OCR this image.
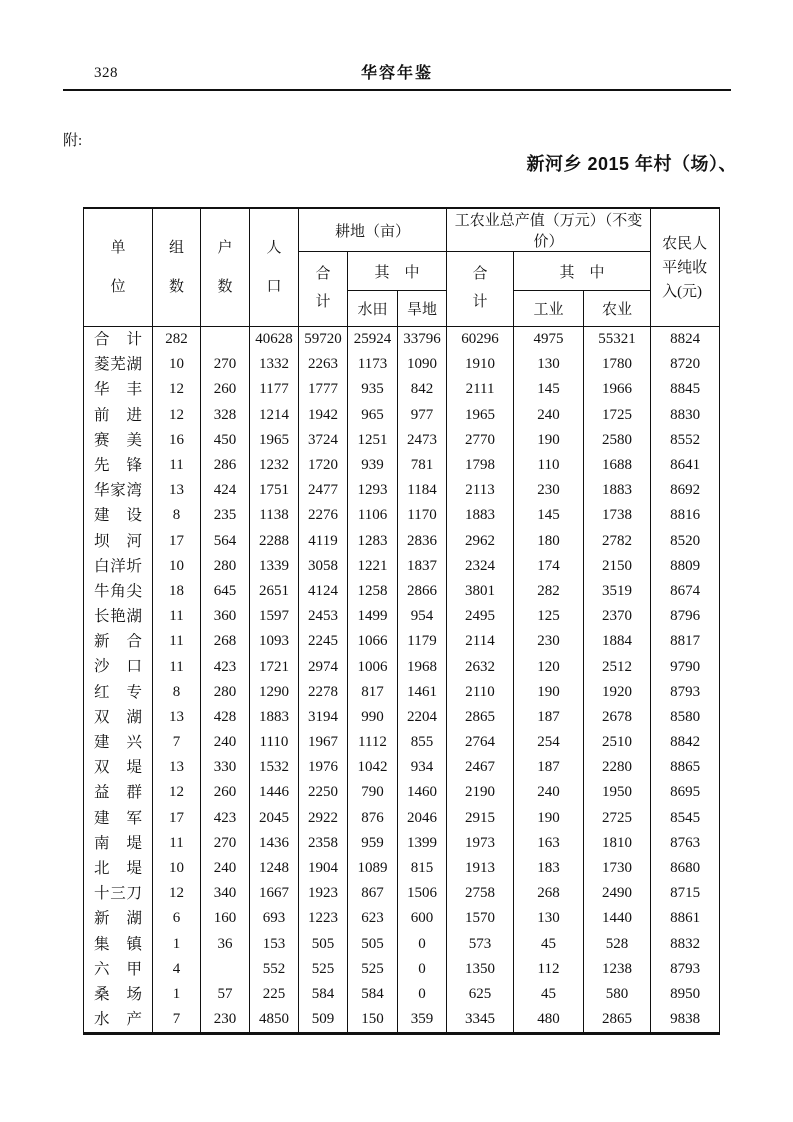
328	华容年鉴
附:
新河乡 2015 年村（场）、
单位	组数	户数	人口	耕地（亩）			工农业总产值（万元）（不变价）			农民人平纯收入(元)

				合计	其　中		合计	其　中		
					水田	旱地		工业	农业	

合 计	282		40628	59720	25924	33796	60296	4975	55321	8824

菱 芜 湖	10	270	1332	2263	1173	1090	1910	130	1780	8720

华 丰	12	260	1177	1777	935	842	2111	145	1966	8845

前 进	12	328	1214	1942	965	977	1965	240	1725	8830

赛 美	16	450	1965	3724	1251	2473	2770	190	2580	8552

先 锋	11	286	1232	1720	939	781	1798	110	1688	8641

华 家 湾	13	424	1751	2477	1293	1184	2113	230	1883	8692

建 设	8	235	1138	2276	1106	1170	1883	145	1738	8816

坝 河	17	564	2288	4119	1283	2836	2962	180	2782	8520

白 洋 圻	10	280	1339	3058	1221	1837	2324	174	2150	8809

牛 角 尖	18	645	2651	4124	1258	2866	3801	282	3519	8674

长 艳 湖	11	360	1597	2453	1499	954	2495	125	2370	8796

新 合	11	268	1093	2245	1066	1179	2114	230	1884	8817

沙 口	11	423	1721	2974	1006	1968	2632	120	2512	9790

红 专	8	280	1290	2278	817	1461	2110	190	1920	8793

双 湖	13	428	1883	3194	990	2204	2865	187	2678	8580

建 兴	7	240	1110	1967	1112	855	2764	254	2510	8842

双 堤	13	330	1532	1976	1042	934	2467	187	2280	8865

益 群	12	260	1446	2250	790	1460	2190	240	1950	8695

建 军	17	423	2045	2922	876	2046	2915	190	2725	8545

南 堤	11	270	1436	2358	959	1399	1973	163	1810	8763

北 堤	10	240	1248	1904	1089	815	1913	183	1730	8680

十 三 刀	12	340	1667	1923	867	1506	2758	268	2490	8715

新 湖	6	160	693	1223	623	600	1570	130	1440	8861

集 镇	1	36	153	505	505	0	573	45	528	8832

六 甲	4		552	525	525	0	1350	112	1238	8793

桑 场	1	57	225	584	584	0	625	45	580	8950

水 产	7	230	4850	509	150	359	3345	480	2865	9838
